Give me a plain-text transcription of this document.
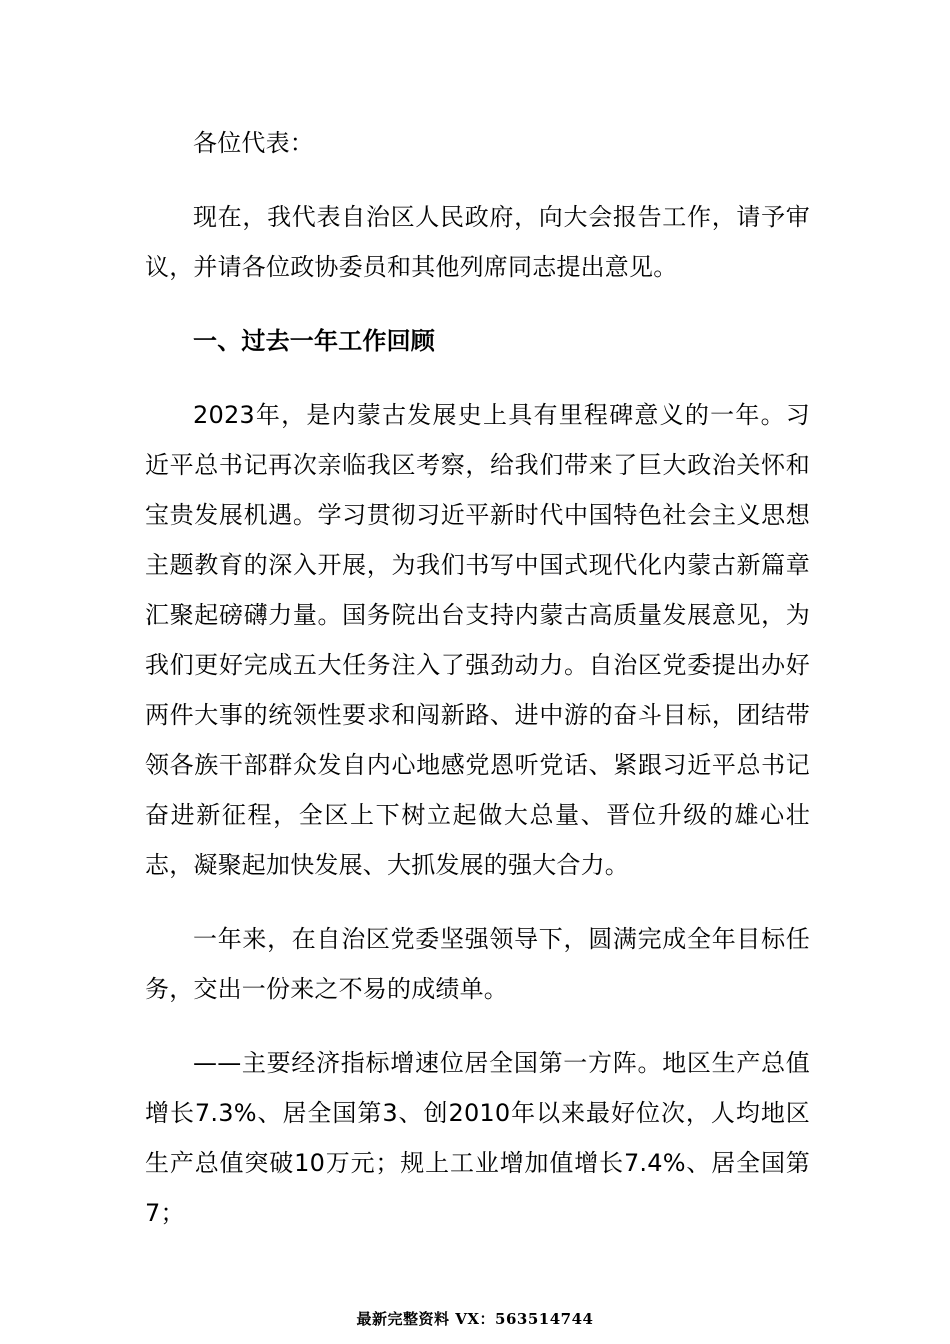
各位代表：

现在，我代表自治区人民政府，向大会报告工作，请予审议，并请各位政协委员和其他列席同志提出意见。

一、过去一年工作回顾

2023年，是内蒙古发展史上具有里程碑意义的一年。习近平总书记再次亲临我区考察，给我们带来了巨大政治关怀和宝贵发展机遇。学习贯彻习近平新时代中国特色社会主义思想主题教育的深入开展，为我们书写中国式现代化内蒙古新篇章汇聚起磅礴力量。国务院出台支持内蒙古高质量发展意见，为我们更好完成五大任务注入了强劲动力。自治区党委提出办好两件大事的统领性要求和闯新路、进中游的奋斗目标，团结带领各族干部群众发自内心地感党恩听党话、紧跟习近平总书记奋进新征程，全区上下树立起做大总量、晋位升级的雄心壮志，凝聚起加快发展、大抓发展的强大合力。

一年来，在自治区党委坚强领导下，圆满完成全年目标任务，交出一份来之不易的成绩单。

——主要经济指标增速位居全国第一方阵。地区生产总值增长7.3%、居全国第3、创2010年以来最好位次，人均地区生产总值突破10万元；规上工业增加值增长7.4%、居全国第7；

最新完整资料 VX：563514744
